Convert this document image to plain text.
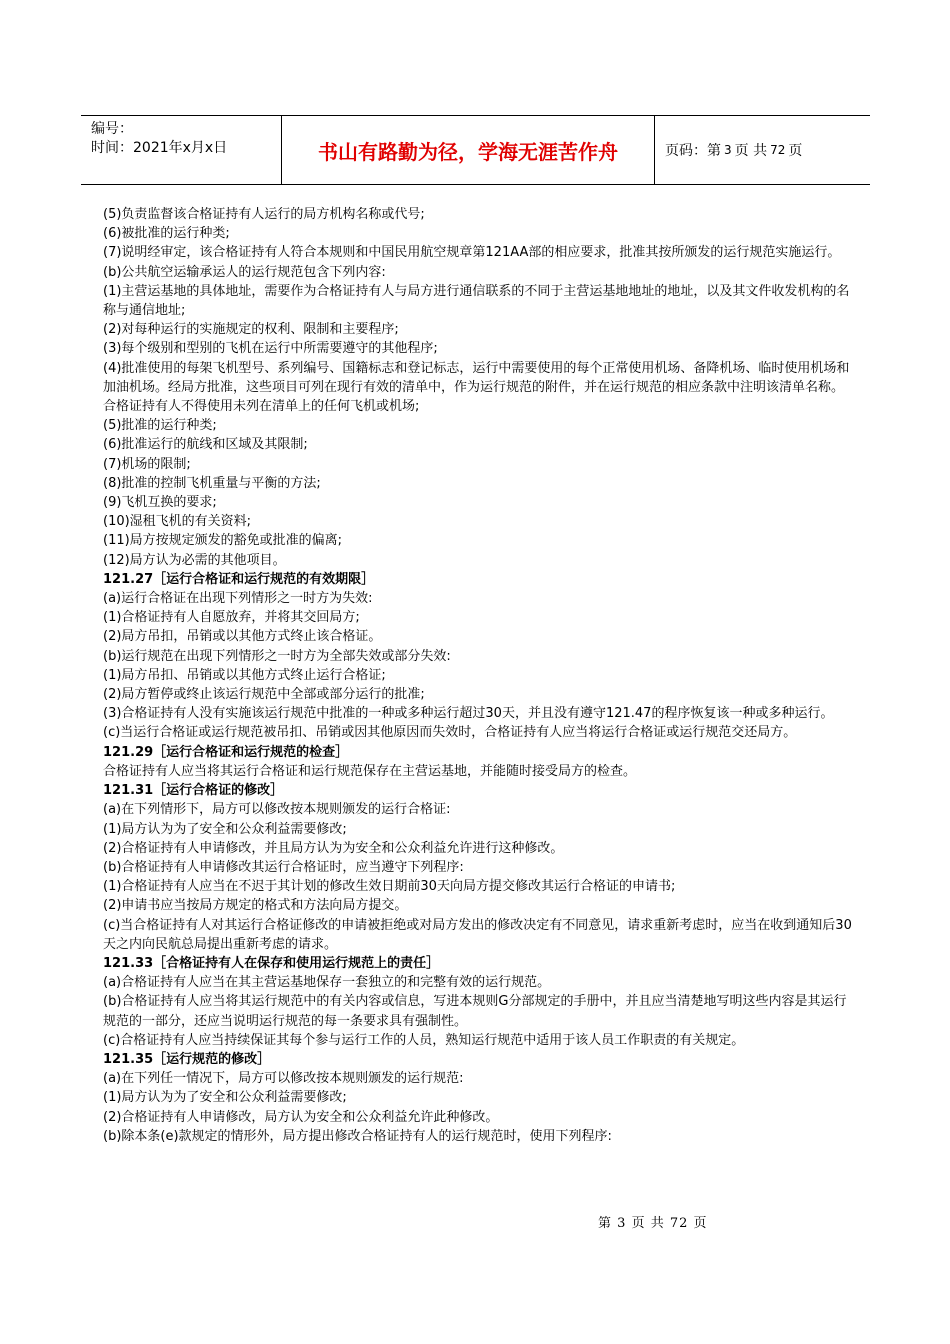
编号：
时间：2021年x月x日	书山有路勤为径，学海无涯苦作舟	页码：第 3 页 共 72 页

(5)负责监督该合格证持有人运行的局方机构名称或代号;

(6)被批准的运行种类;

(7)说明经审定，该合格证持有人符合本规则和中国民用航空规章第121AA部的相应要求，批准其按所颁发的运行规范实施运行。

(b)公共航空运输承运人的运行规范包含下列内容:

(1)主营运基地的具体地址，需要作为合格证持有人与局方进行通信联系的不同于主营运基地地址的地址，以及其文件收发机构的名称与通信地址;

(2)对每种运行的实施规定的权利、限制和主要程序;

(3)每个级别和型别的飞机在运行中所需要遵守的其他程序;

(4)批准使用的每架飞机型号、系列编号、国籍标志和登记标志，运行中需要使用的每个正常使用机场、备降机场、临时使用机场和加油机场。经局方批准，这些项目可列在现行有效的清单中，作为运行规范的附件，并在运行规范的相应条款中注明该清单名称。合格证持有人不得使用未列在清单上的任何飞机或机场;

(5)批准的运行种类;

(6)批准运行的航线和区域及其限制;

(7)机场的限制;

(8)批准的控制飞机重量与平衡的方法;

(9)飞机互换的要求;

(10)湿租飞机的有关资料;

(11)局方按规定颁发的豁免或批准的偏离;

(12)局方认为必需的其他项目。

121.27［运行合格证和运行规范的有效期限］

(a)运行合格证在出现下列情形之一时方为失效:

(1)合格证持有人自愿放弃，并将其交回局方;

(2)局方吊扣，吊销或以其他方式终止该合格证。

(b)运行规范在出现下列情形之一时方为全部失效或部分失效:

(1)局方吊扣、吊销或以其他方式终止运行合格证;

(2)局方暂停或终止该运行规范中全部或部分运行的批准;

(3)合格证持有人没有实施该运行规范中批准的一种或多种运行超过30天，并且没有遵守121.47的程序恢复该一种或多种运行。

(c)当运行合格证或运行规范被吊扣、吊销或因其他原因而失效时，合格证持有人应当将运行合格证或运行规范交还局方。

121.29［运行合格证和运行规范的检查］

合格证持有人应当将其运行合格证和运行规范保存在主营运基地，并能随时接受局方的检查。

121.31［运行合格证的修改］

(a)在下列情形下，局方可以修改按本规则颁发的运行合格证:

(1)局方认为为了安全和公众利益需要修改;

(2)合格证持有人申请修改，并且局方认为为安全和公众利益允许进行这种修改。

(b)合格证持有人申请修改其运行合格证时，应当遵守下列程序:

(1)合格证持有人应当在不迟于其计划的修改生效日期前30天向局方提交修改其运行合格证的申请书;

(2)申请书应当按局方规定的格式和方法向局方提交。

(c)当合格证持有人对其运行合格证修改的申请被拒绝或对局方发出的修改决定有不同意见，请求重新考虑时，应当在收到通知后30天之内向民航总局提出重新考虑的请求。

121.33［合格证持有人在保存和使用运行规范上的责任］

(a)合格证持有人应当在其主营运基地保存一套独立的和完整有效的运行规范。

(b)合格证持有人应当将其运行规范中的有关内容或信息，写进本规则G分部规定的手册中，并且应当清楚地写明这些内容是其运行规范的一部分，还应当说明运行规范的每一条要求具有强制性。

(c)合格证持有人应当持续保证其每个参与运行工作的人员，熟知运行规范中适用于该人员工作职责的有关规定。

121.35［运行规范的修改］

(a)在下列任一情况下，局方可以修改按本规则颁发的运行规范:

(1)局方认为为了安全和公众利益需要修改;

(2)合格证持有人申请修改，局方认为安全和公众利益允许此种修改。

(b)除本条(e)款规定的情形外，局方提出修改合格证持有人的运行规范时，使用下列程序:

第 3 页 共 72 页
